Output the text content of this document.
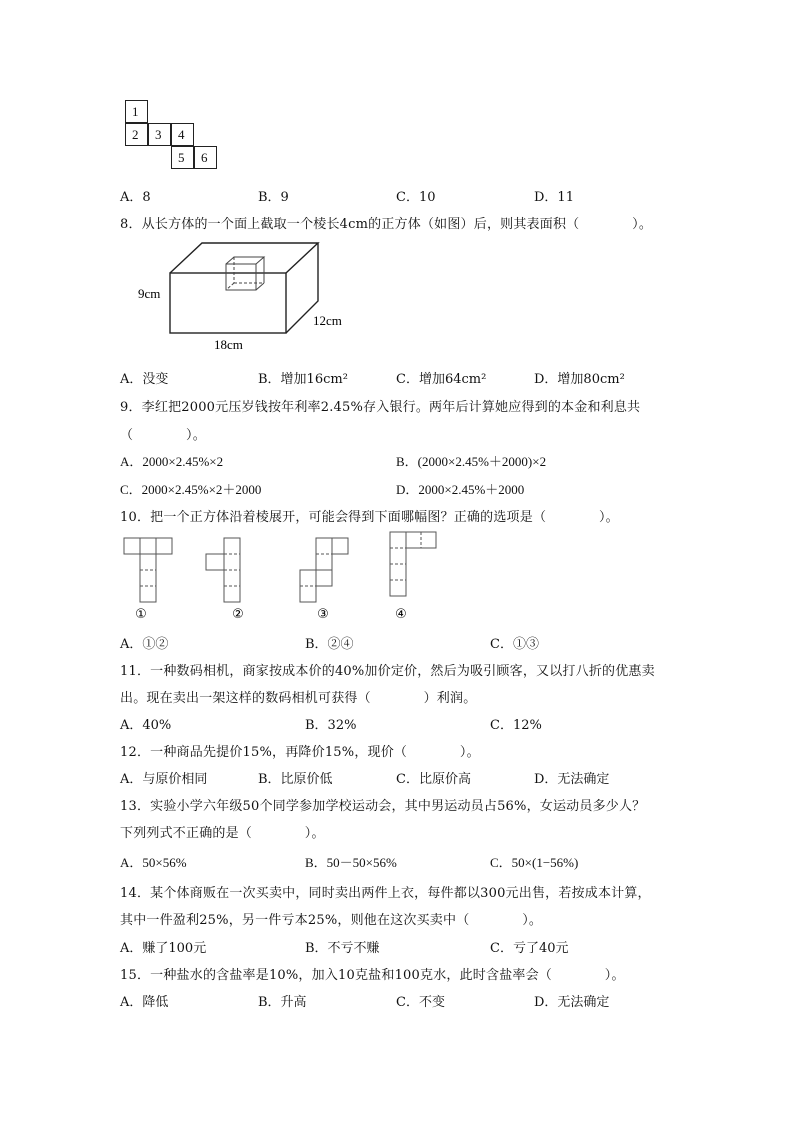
1
2	3	4
5	6
A．8	B．9	C．10	D．11
8．从长方体的一个面上截取一个棱长4cm的正方体（如图）后，则其表面积（　　　　）。
9cm
18cm
12cm
A．没变	B．增加16cm²	C．增加64cm²	D．增加80cm²
9．李红把2000元压岁钱按年利率2.45%存入银行。两年后计算她应得到的本金和利息共
（　　　　）。
A．2000×2.45%×2	B．(2000×2.45%＋2000)×2
C．2000×2.45%×2＋2000	D．2000×2.45%＋2000
10．把一个正方体沿着棱展开，可能会得到下面哪幅图？正确的选项是（　　　　）。
①	②	③	④
A．①②	B．②④	C．①③
11．一种数码相机，商家按成本价的40%加价定价，然后为吸引顾客，又以打八折的优惠卖
出。现在卖出一架这样的数码相机可获得（　　　　）利润。
A．40%	B．32%	C．12%
12．一种商品先提价15%，再降价15%，现价（　　　　）。
A．与原价相同	B．比原价低	C．比原价高	D．无法确定
13．实验小学六年级50个同学参加学校运动会，其中男运动员占56%，女运动员多少人？
下列列式不正确的是（　　　　）。
A．50×56%	B．50－50×56%	C．50×(1−56%)
14．某个体商贩在一次买卖中，同时卖出两件上衣，每件都以300元出售，若按成本计算，
其中一件盈利25%，另一件亏本25%，则他在这次买卖中（　　　　）。
A．赚了100元	B．不亏不赚	C．亏了40元
15．一种盐水的含盐率是10%，加入10克盐和100克水，此时含盐率会（　　　　）。
A．降低	B．升高	C．不变	D．无法确定
